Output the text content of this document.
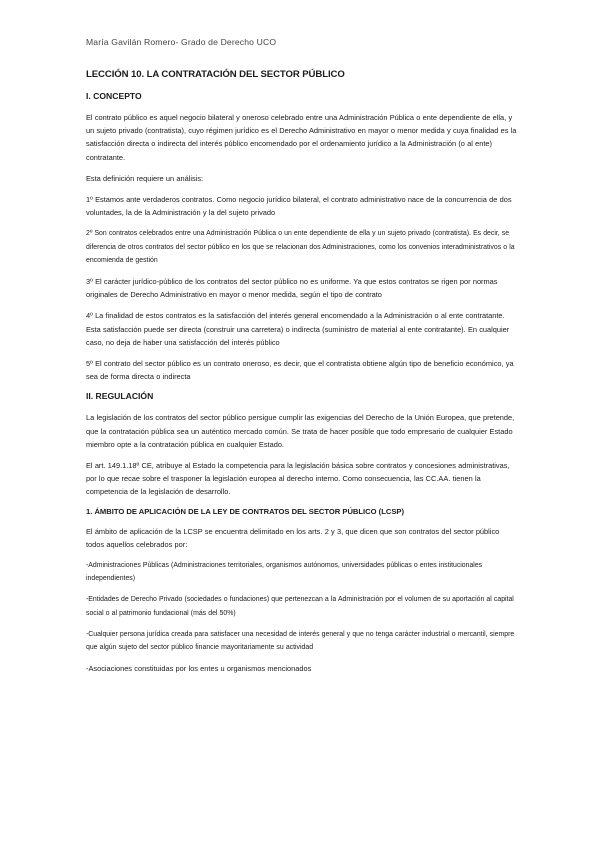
María Gavilán Romero- Grado de Derecho UCO
LECCIÓN 10. LA CONTRATACIÓN DEL SECTOR PÚBLICO
I. CONCEPTO

El contrato público es aquel negocio bilateral y oneroso celebrado entre una Administración Pública o ente dependiente de ella, y un sujeto privado (contratista), cuyo régimen jurídico es el Derecho Administrativo en mayor o menor medida y cuya finalidad es la satisfacción directa o indirecta del interés público encomendado por el ordenamiento jurídico a la Administración (o al ente) contratante.

Esta definición requiere un análisis:

1º Estamos ante verdaderos contratos. Como negocio jurídico bilateral, el contrato administrativo nace de la concurrencia de dos voluntades, la de la Administración y la del sujeto privado

2º Son contratos celebrados entre una Administración Pública o un ente dependiente de ella y un sujeto privado (contratista). Es decir, se diferencia de otros contratos del sector público en los que se relacionan dos Administraciones, como los convenios interadministrativos o la encomienda de gestión

3º El carácter jurídico-público de los contratos del sector público no es uniforme. Ya que estos contratos se rigen por normas originales de Derecho Administrativo en mayor o menor medida, según el tipo de contrato

4º La finalidad de estos contratos es la satisfacción del interés general encomendado a la Administración o al ente contratante. Esta satisfacción puede ser directa (construir una carretera) o indirecta (suministro de material al ente contratante). En cualquier caso, no deja de haber una satisfacción del interés público

5º El contrato del sector público es un contrato oneroso, es decir, que el contratista obtiene algún tipo de beneficio económico, ya sea de forma directa o indirecta

II. REGULACIÓN

La legislación de los contratos del sector público persigue cumplir las exigencias del Derecho de la Unión Europea, que pretende, que la contratación pública sea un auténtico mercado común. Se trata de hacer posible que todo empresario de cualquier Estado miembro opte a la contratación pública en cualquier Estado.

El art. 149.1.18º CE, atribuye al Estado la competencia para la legislación básica sobre contratos y concesiones administrativas, por lo que recae sobre el trasponer la legislación europea al derecho interno. Como consecuencia, las CC.AA. tienen la competencia de la legislación de desarrollo.

1. ÁMBITO DE APLICACIÓN DE LA LEY DE CONTRATOS DEL SECTOR PÚBLICO (LCSP)

El ámbito de aplicación de la LCSP se encuentra delimitado en los arts. 2 y 3, que dicen que son contratos del sector público todos aquellos celebrados por:

-Administraciones Públicas (Administraciones territoriales, organismos autónomos, universidades públicas o entes institucionales independientes)

-Entidades de Derecho Privado (sociedades o fundaciones) que pertenezcan a la Administración por el volumen de su aportación al capital social o al patrimonio fundacional (más del 50%)

-Cualquier persona jurídica creada para satisfacer una necesidad de interés general y que no tenga carácter industrial o mercantil, siempre que algún sujeto del sector público financie mayoritariamente su actividad

-Asociaciones constituidas por los entes u organismos mencionados
